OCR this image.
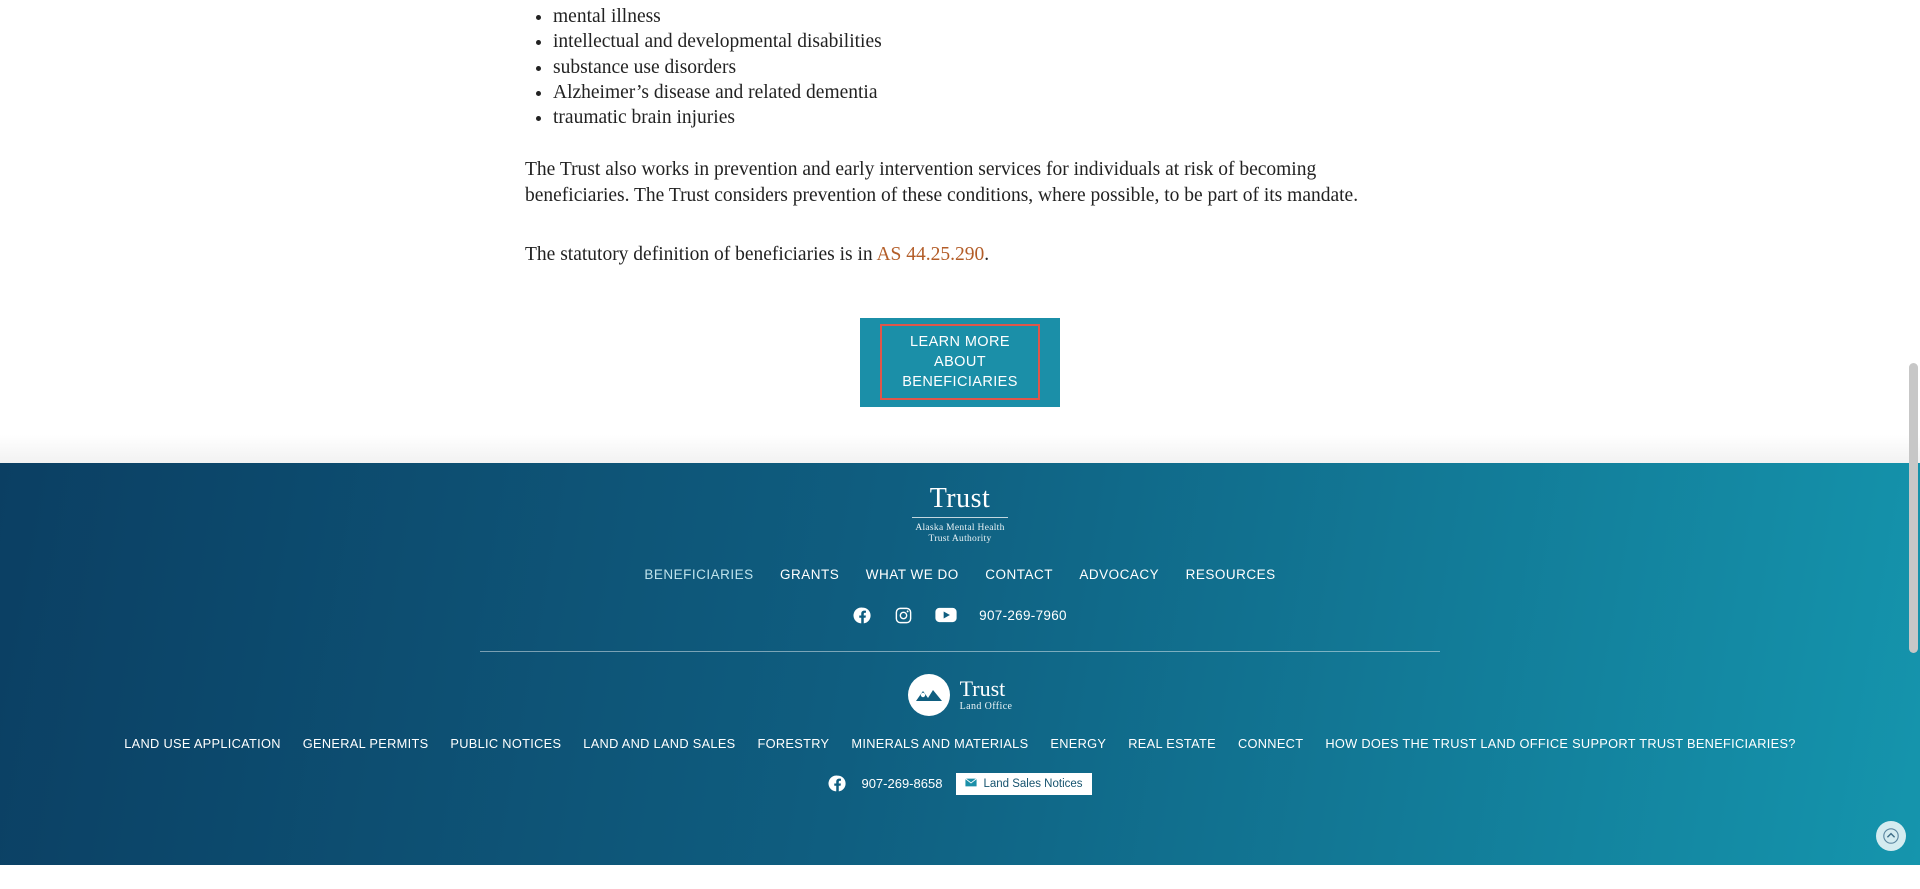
• mental illness
• intellectual and developmental disabilities
• substance use disorders
• Alzheimer’s disease and related dementia
• traumatic brain injuries

The Trust also works in prevention and early intervention services for individuals at risk of becoming beneficiaries. The Trust considers prevention of these conditions, where possible, to be part of its mandate.

The statutory definition of beneficiaries is in AS 44.25.290.

LEARN MORE ABOUT BENEFICIARIES
Trust
Alaska Mental Health
Trust Authority
BENEFICIARIES GRANTS WHAT WE DO CONTACT ADVOCACY RESOURCES
907-269-7960
Trust
Land Office
LAND USE APPLICATION GENERAL PERMITS PUBLIC NOTICES LAND AND LAND SALES FORESTRY MINERALS AND MATERIALS ENERGY REAL ESTATE CONNECT HOW DOES THE TRUST LAND OFFICE SUPPORT TRUST BENEFICIARIES?
907-269-8658	Land Sales Notices
